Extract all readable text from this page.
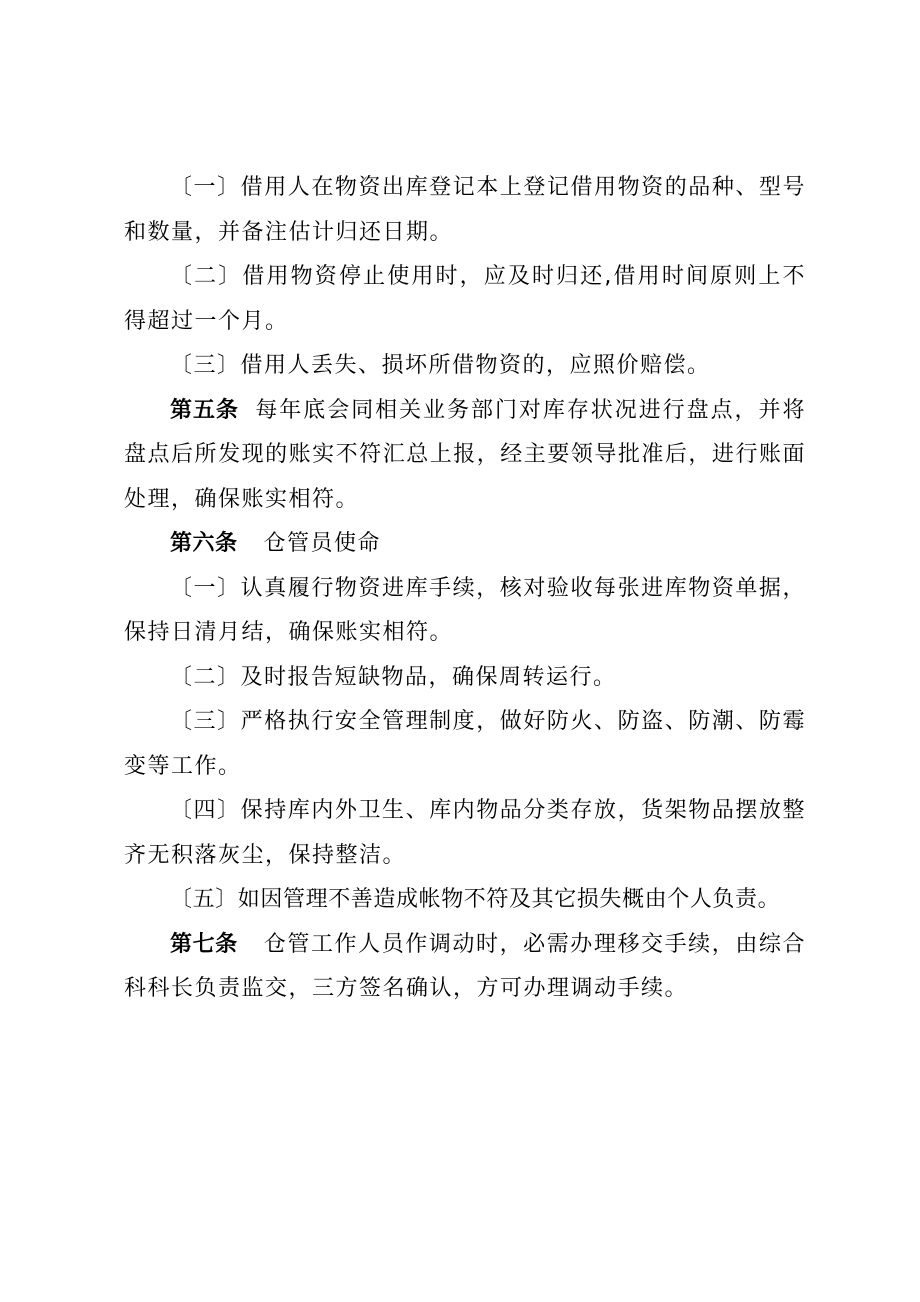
〔一〕借用人在物资出库登记本上登记借用物资的品种、型号和数量，并备注估计归还日期。

〔二〕借用物资停止使用时，应及时归还,借用时间原则上不得超过一个月。

〔三〕借用人丢失、损坏所借物资的，应照价赔偿。

第五条 每年底会同相关业务部门对库存状况进行盘点，并将盘点后所发现的账实不符汇总上报，经主要领导批准后，进行账面处理，确保账实相符。

第六条 仓管员使命

〔一〕认真履行物资进库手续，核对验收每张进库物资单据，保持日清月结，确保账实相符。

〔二〕及时报告短缺物品，确保周转运行。

〔三〕严格执行安全管理制度，做好防火、防盗、防潮、防霉变等工作。

〔四〕保持库内外卫生、库内物品分类存放，货架物品摆放整齐无积落灰尘，保持整洁。

〔五〕如因管理不善造成帐物不符及其它损失概由个人负责。

第七条 仓管工作人员作调动时，必需办理移交手续，由综合科科长负责监交，三方签名确认，方可办理调动手续。
